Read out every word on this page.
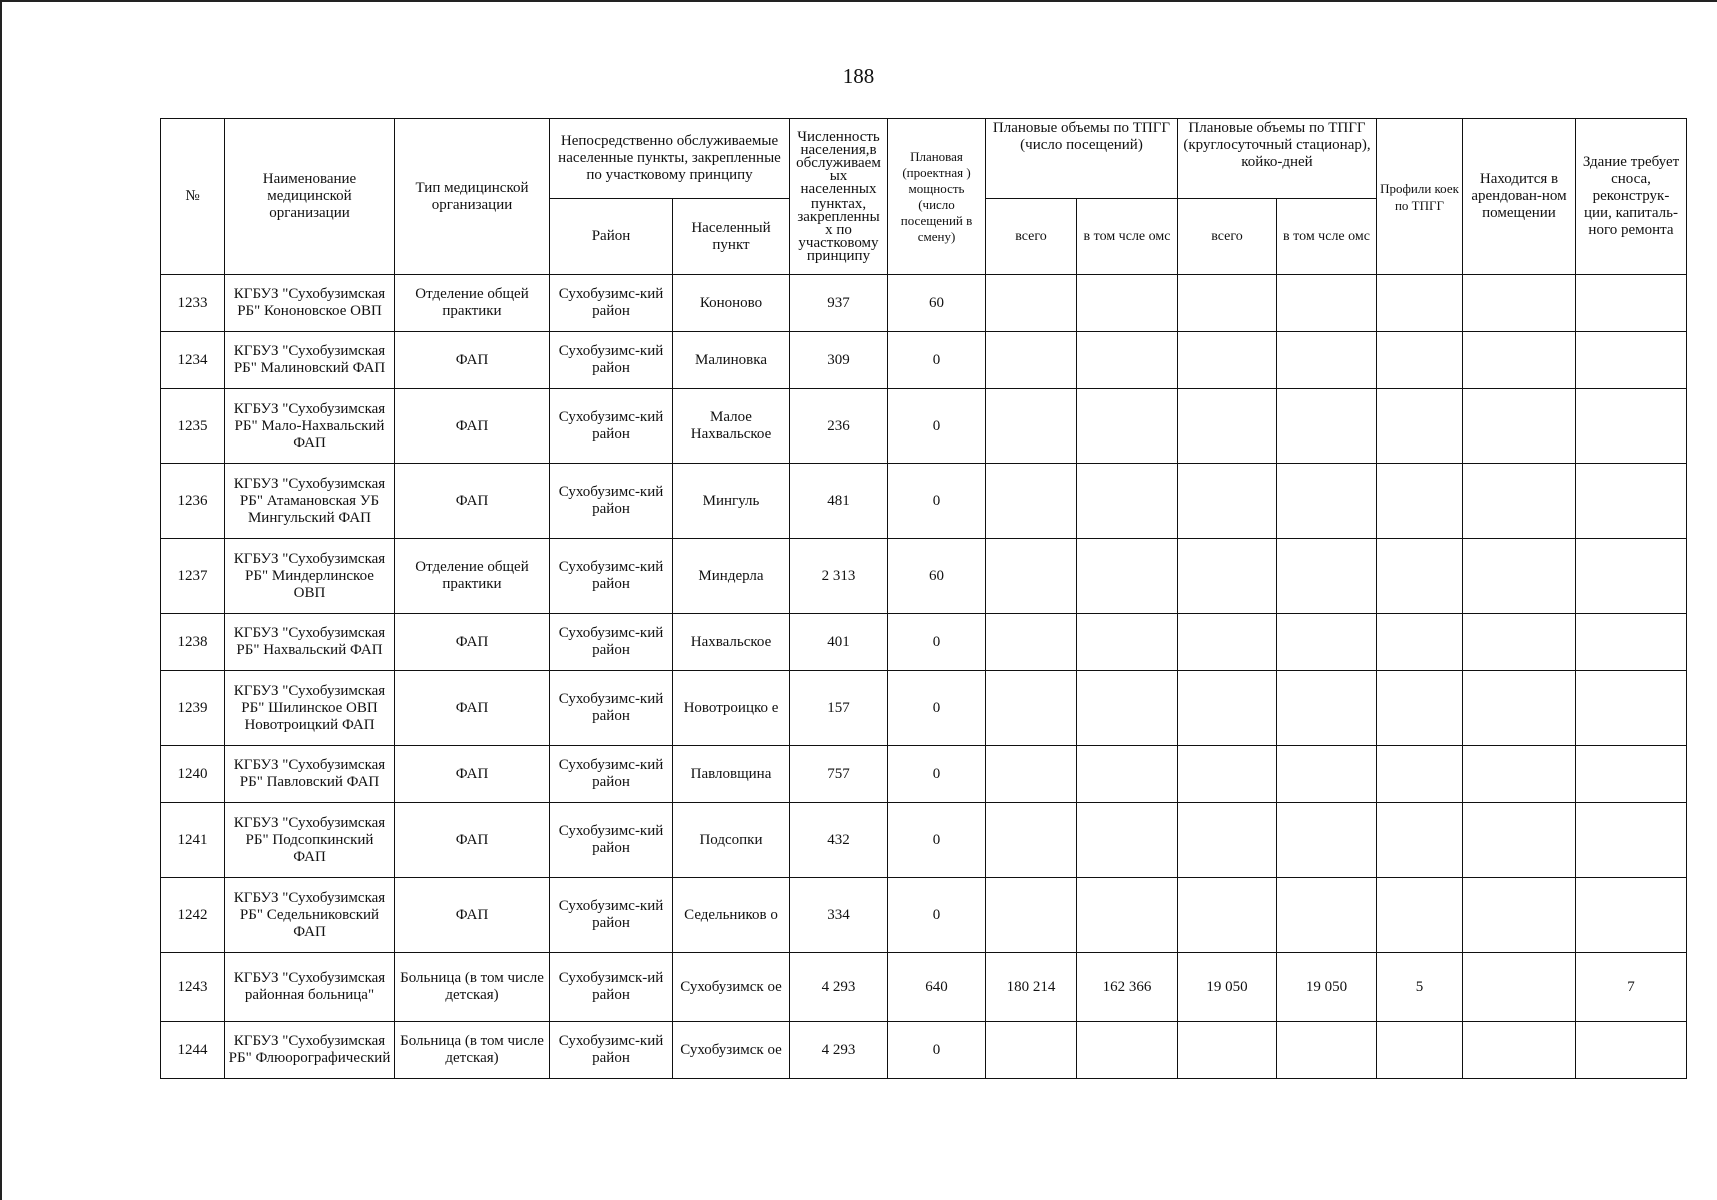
188
№	Наименование медицинской организации	Тип медицинской организации	Непосредственно обслуживаемые населенные пункты, закрепленные по участковому принципу		Численность населения,в обслуживаем ых населенных
пунктах, закрепленны х по участковому принципу	Плановая (проектная ) мощность
(число посещений в смену)	Плановые объемы по ТПГГ (число посещений)		Плановые объемы по ТПГГ (круглосуточный стационар), койко-дней		Профили коек по ТПГГ	Находится в арендован-ном помещении	Здание требует сноса, реконструк-ции, капиталь-ного ремонта
			Район	Населенный пункт			всего	в том чсле омс	всего	в том чсле омс			
1233	КГБУЗ "Сухобузимская РБ" Кононовское ОВП	Отделение общей практики	Сухобузимс-кий район	Кононово	937	60							
1234	КГБУЗ "Сухобузимская РБ" Малиновский ФАП	ФАП	Сухобузимс-кий район	Малиновка	309	0							
1235	КГБУЗ "Сухобузимская РБ" Мало-Нахвальский ФАП	ФАП	Сухобузимс-кий район	Малое Нахвальское	236	0							
1236	КГБУЗ "Сухобузимская РБ" Атамановская УБ Мингульский ФАП	ФАП	Сухобузимс-кий район	Мингуль	481	0							
1237	КГБУЗ "Сухобузимская РБ" Миндерлинское ОВП	Отделение общей практики	Сухобузимс-кий район	Миндерла	2 313	60							
1238	КГБУЗ "Сухобузимская РБ" Нахвальский ФАП	ФАП	Сухобузимс-кий район	Нахвальское	401	0							
1239	КГБУЗ "Сухобузимская РБ" Шилинское ОВП Новотроицкий ФАП	ФАП	Сухобузимс-кий район	Новотроицко е	157	0							
1240	КГБУЗ "Сухобузимская РБ" Павловский ФАП	ФАП	Сухобузимс-кий район	Павловщина	757	0							
1241	КГБУЗ "Сухобузимская РБ" Подсопкинский ФАП	ФАП	Сухобузимс-кий район	Подсопки	432	0							
1242	КГБУЗ "Сухобузимская РБ" Седельниковский ФАП	ФАП	Сухобузимс-кий район	Седельников о	334	0							
1243	КГБУЗ "Сухобузимская районная больница"	Больница (в том числе детская)	Сухобузимск-ий район	Сухобузимск ое	4 293	640	180 214	162 366	19 050	19 050	5		7
1244	КГБУЗ "Сухобузимская РБ" Флюорографический	Больница (в том числе детская)	Сухобузимс-кий район	Сухобузимск ое	4 293	0							
